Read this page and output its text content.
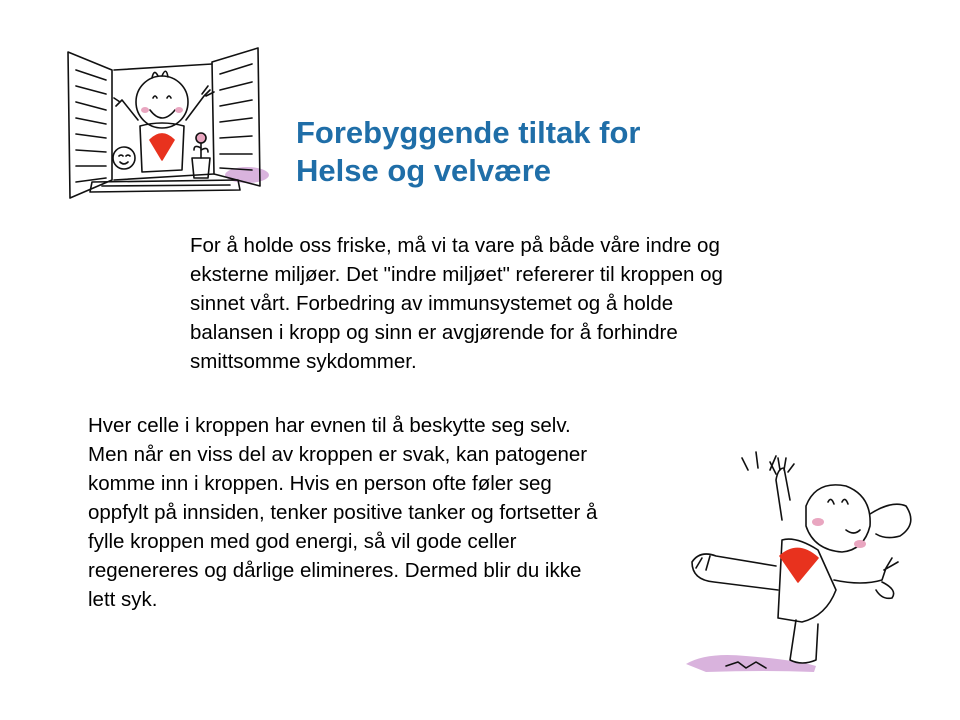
Forebyggende tiltak for
Helse og velvære

For å holde oss friske, må vi ta vare på både våre indre og
eksterne miljøer. Det "indre miljøet" refererer til kroppen og
sinnet vårt. Forbedring av immunsystemet og å holde
balansen i kropp og sinn er avgjørende for å forhindre
smittsomme sykdommer.

Hver celle i kroppen har evnen til å beskytte seg selv.
Men når en viss del av kroppen er svak, kan patogener
komme inn i kroppen. Hvis en person ofte føler seg
oppfylt på innsiden, tenker positive tanker og fortsetter å
fylle kroppen med god energi, så vil gode celler
regenereres og dårlige elimineres. Dermed blir du ikke
lett syk.
